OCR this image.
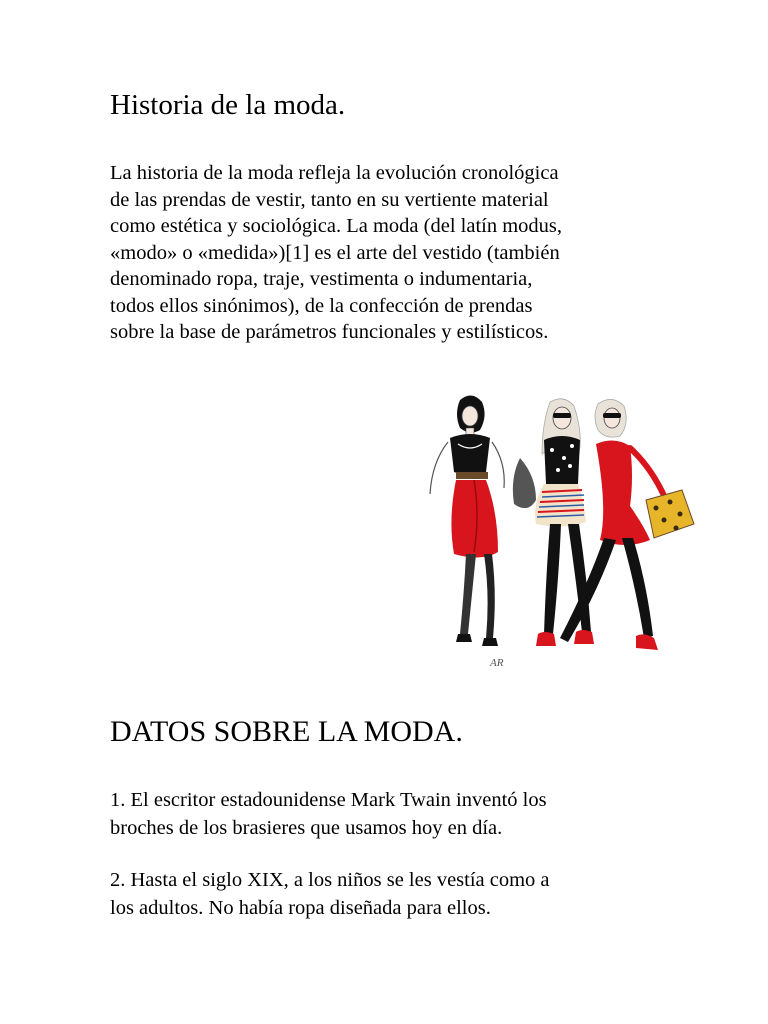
Historia de la moda.

La historia de la moda refleja la evolución cronológica
de las prendas de vestir, tanto en su vertiente material
como estética y sociológica. La moda (del latín modus,
«modo» o «medida»)[1] es el arte del vestido (también
denominado ropa, traje, vestimenta o indumentaria,
todos ellos sinónimos), de la confección de prendas
sobre la base de parámetros funcionales y estilísticos.

AR
DATOS SOBRE LA MODA.

1. El escritor estadounidense Mark Twain inventó los
broches de los brasieres que usamos hoy en día.

2. Hasta el siglo XIX, a los niños se les vestía como a
los adultos. No había ropa diseñada para ellos.
